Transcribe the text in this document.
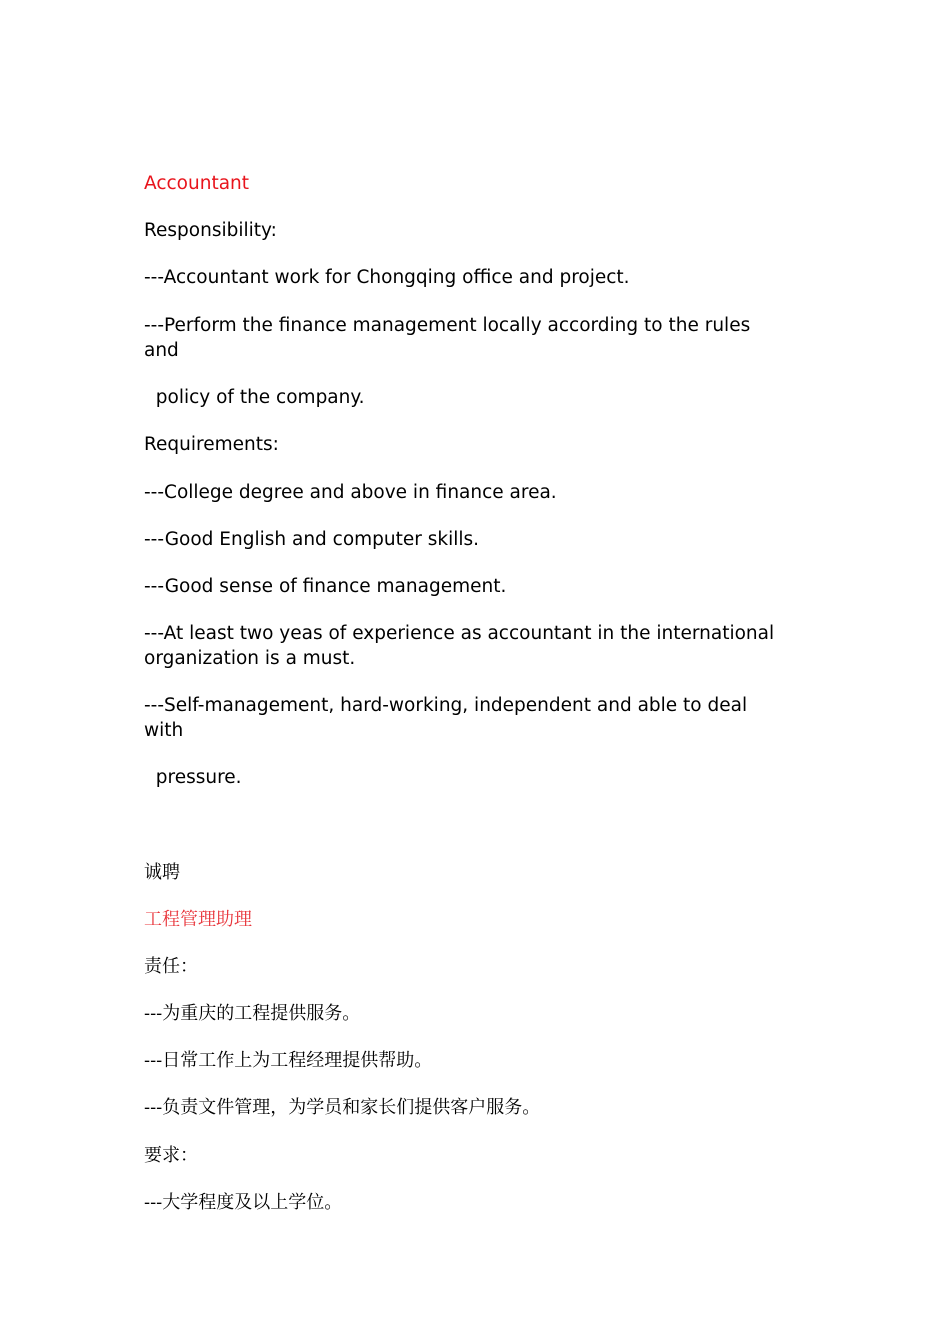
Accountant

Responsibility:

---Accountant work for Chongqing office and project.

---Perform the finance management locally according to the rules

and

policy of the company.

Requirements:

---College degree and above in finance area.

---Good English and computer skills.

---Good sense of finance management.

---At least two yeas of experience as accountant in the international

organization is a must.

---Self-management, hard-working, independent and able to deal

with

pressure.

诚聘

工程管理助理

责任：

---为重庆的工程提供服务。

---日常工作上为工程经理提供帮助。

---负责文件管理，为学员和家长们提供客户服务。

要求：

---大学程度及以上学位。
